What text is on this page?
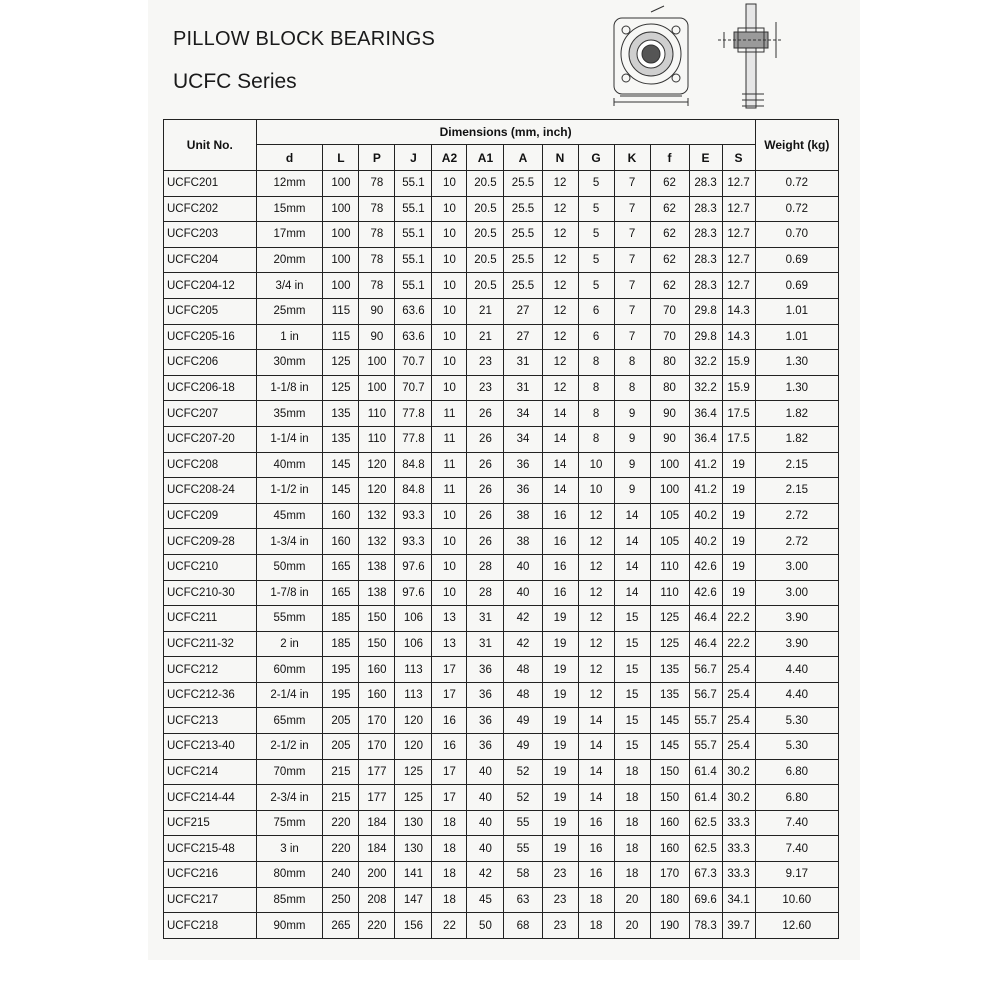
PILLOW BLOCK BEARINGS
UCFC Series
Unit No.	Dimensions (mm, inch)													Weight (kg)
	d	L	P	J	A2	A1	A	N	G	K	f	E	S	
UCFC201	12mm	100	78	55.1	10	20.5	25.5	12	5	7	62	28.3	12.7	0.72
UCFC202	15mm	100	78	55.1	10	20.5	25.5	12	5	7	62	28.3	12.7	0.72
UCFC203	17mm	100	78	55.1	10	20.5	25.5	12	5	7	62	28.3	12.7	0.70
UCFC204	20mm	100	78	55.1	10	20.5	25.5	12	5	7	62	28.3	12.7	0.69
UCFC204-12	3/4 in	100	78	55.1	10	20.5	25.5	12	5	7	62	28.3	12.7	0.69
UCFC205	25mm	115	90	63.6	10	21	27	12	6	7	70	29.8	14.3	1.01
UCFC205-16	1 in	115	90	63.6	10	21	27	12	6	7	70	29.8	14.3	1.01
UCFC206	30mm	125	100	70.7	10	23	31	12	8	8	80	32.2	15.9	1.30
UCFC206-18	1-1/8 in	125	100	70.7	10	23	31	12	8	8	80	32.2	15.9	1.30
UCFC207	35mm	135	110	77.8	11	26	34	14	8	9	90	36.4	17.5	1.82
UCFC207-20	1-1/4 in	135	110	77.8	11	26	34	14	8	9	90	36.4	17.5	1.82
UCFC208	40mm	145	120	84.8	11	26	36	14	10	9	100	41.2	19	2.15
UCFC208-24	1-1/2 in	145	120	84.8	11	26	36	14	10	9	100	41.2	19	2.15
UCFC209	45mm	160	132	93.3	10	26	38	16	12	14	105	40.2	19	2.72
UCFC209-28	1-3/4 in	160	132	93.3	10	26	38	16	12	14	105	40.2	19	2.72
UCFC210	50mm	165	138	97.6	10	28	40	16	12	14	110	42.6	19	3.00
UCFC210-30	1-7/8 in	165	138	97.6	10	28	40	16	12	14	110	42.6	19	3.00
UCFC211	55mm	185	150	106	13	31	42	19	12	15	125	46.4	22.2	3.90
UCFC211-32	2 in	185	150	106	13	31	42	19	12	15	125	46.4	22.2	3.90
UCFC212	60mm	195	160	113	17	36	48	19	12	15	135	56.7	25.4	4.40
UCFC212-36	2-1/4 in	195	160	113	17	36	48	19	12	15	135	56.7	25.4	4.40
UCFC213	65mm	205	170	120	16	36	49	19	14	15	145	55.7	25.4	5.30
UCFC213-40	2-1/2 in	205	170	120	16	36	49	19	14	15	145	55.7	25.4	5.30
UCFC214	70mm	215	177	125	17	40	52	19	14	18	150	61.4	30.2	6.80
UCFC214-44	2-3/4 in	215	177	125	17	40	52	19	14	18	150	61.4	30.2	6.80
UCF215	75mm	220	184	130	18	40	55	19	16	18	160	62.5	33.3	7.40
UCFC215-48	3 in	220	184	130	18	40	55	19	16	18	160	62.5	33.3	7.40
UCFC216	80mm	240	200	141	18	42	58	23	16	18	170	67.3	33.3	9.17
UCFC217	85mm	250	208	147	18	45	63	23	18	20	180	69.6	34.1	10.60
UCFC218	90mm	265	220	156	22	50	68	23	18	20	190	78.3	39.7	12.60
